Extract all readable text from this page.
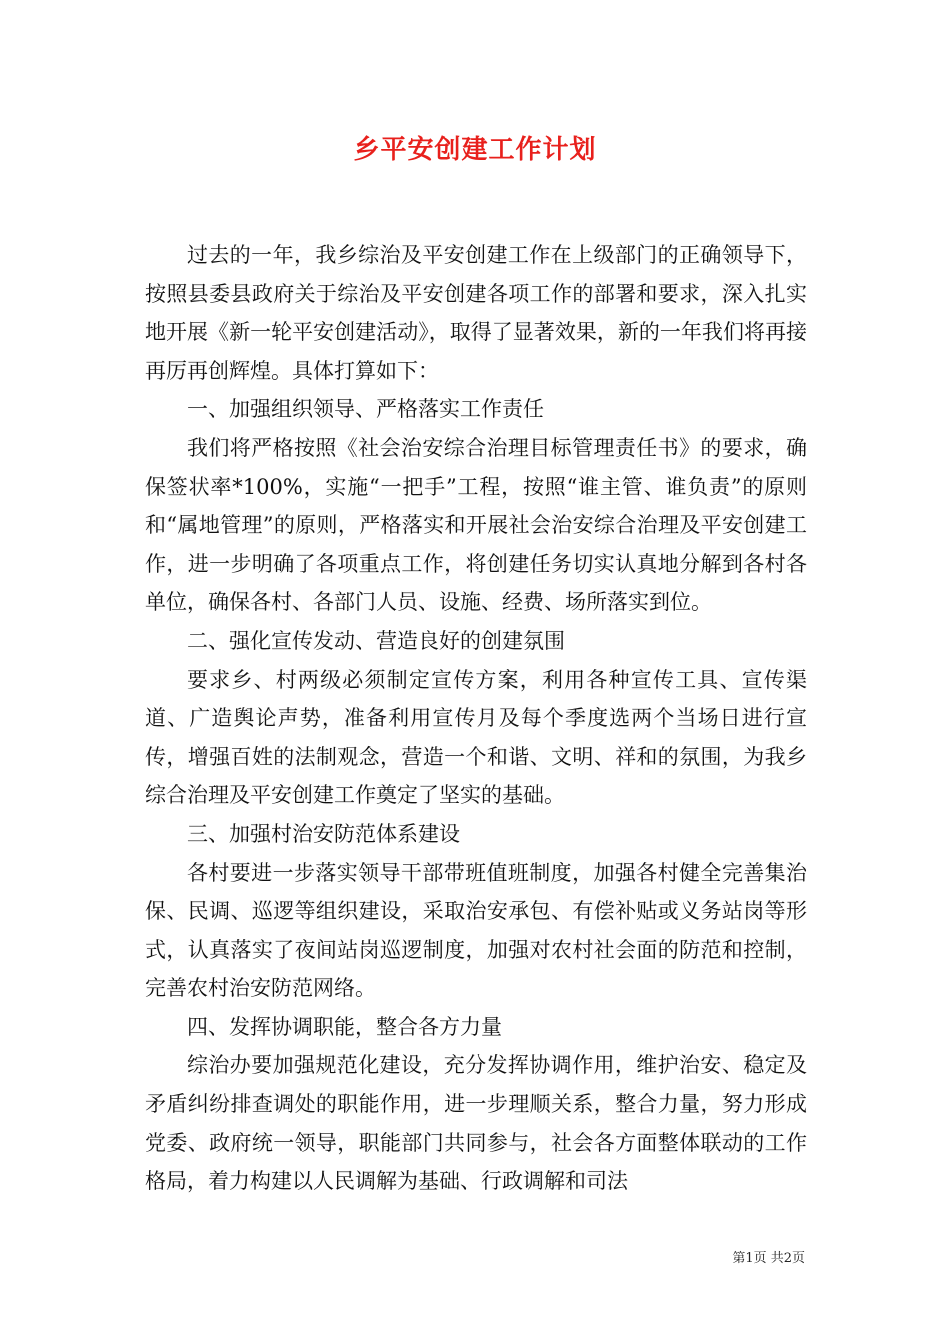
乡平安创建工作计划

过去的一年，我乡综治及平安创建工作在上级部门的正确领导下，按照县委县政府关于综治及平安创建各项工作的部署和要求，深入扎实地开展《新一轮平安创建活动》，取得了显著效果，新的一年我们将再接再厉再创辉煌。具体打算如下：

一、加强组织领导、严格落实工作责任

我们将严格按照《社会治安综合治理目标管理责任书》的要求，确保签状率*100%，实施“一把手”工程，按照“谁主管、谁负责”的原则和“属地管理”的原则，严格落实和开展社会治安综合治理及平安创建工作，进一步明确了各项重点工作，将创建任务切实认真地分解到各村各单位，确保各村、各部门人员、设施、经费、场所落实到位。

二、强化宣传发动、营造良好的创建氛围

要求乡、村两级必须制定宣传方案，利用各种宣传工具、宣传渠道、广造舆论声势，准备利用宣传月及每个季度选两个当场日进行宣传，增强百姓的法制观念，营造一个和谐、文明、祥和的氛围，为我乡综合治理及平安创建工作奠定了坚实的基础。

三、加强村治安防范体系建设

各村要进一步落实领导干部带班值班制度，加强各村健全完善集治保、民调、巡逻等组织建设，采取治安承包、有偿补贴或义务站岗等形式，认真落实了夜间站岗巡逻制度，加强对农村社会面的防范和控制，完善农村治安防范网络。

四、发挥协调职能，整合各方力量

综治办要加强规范化建设，充分发挥协调作用，维护治安、稳定及矛盾纠纷排查调处的职能作用，进一步理顺关系，整合力量，努力形成党委、政府统一领导，职能部门共同参与，社会各方面整体联动的工作格局，着力构建以人民调解为基础、行政调解和司法

第1页 共2页
